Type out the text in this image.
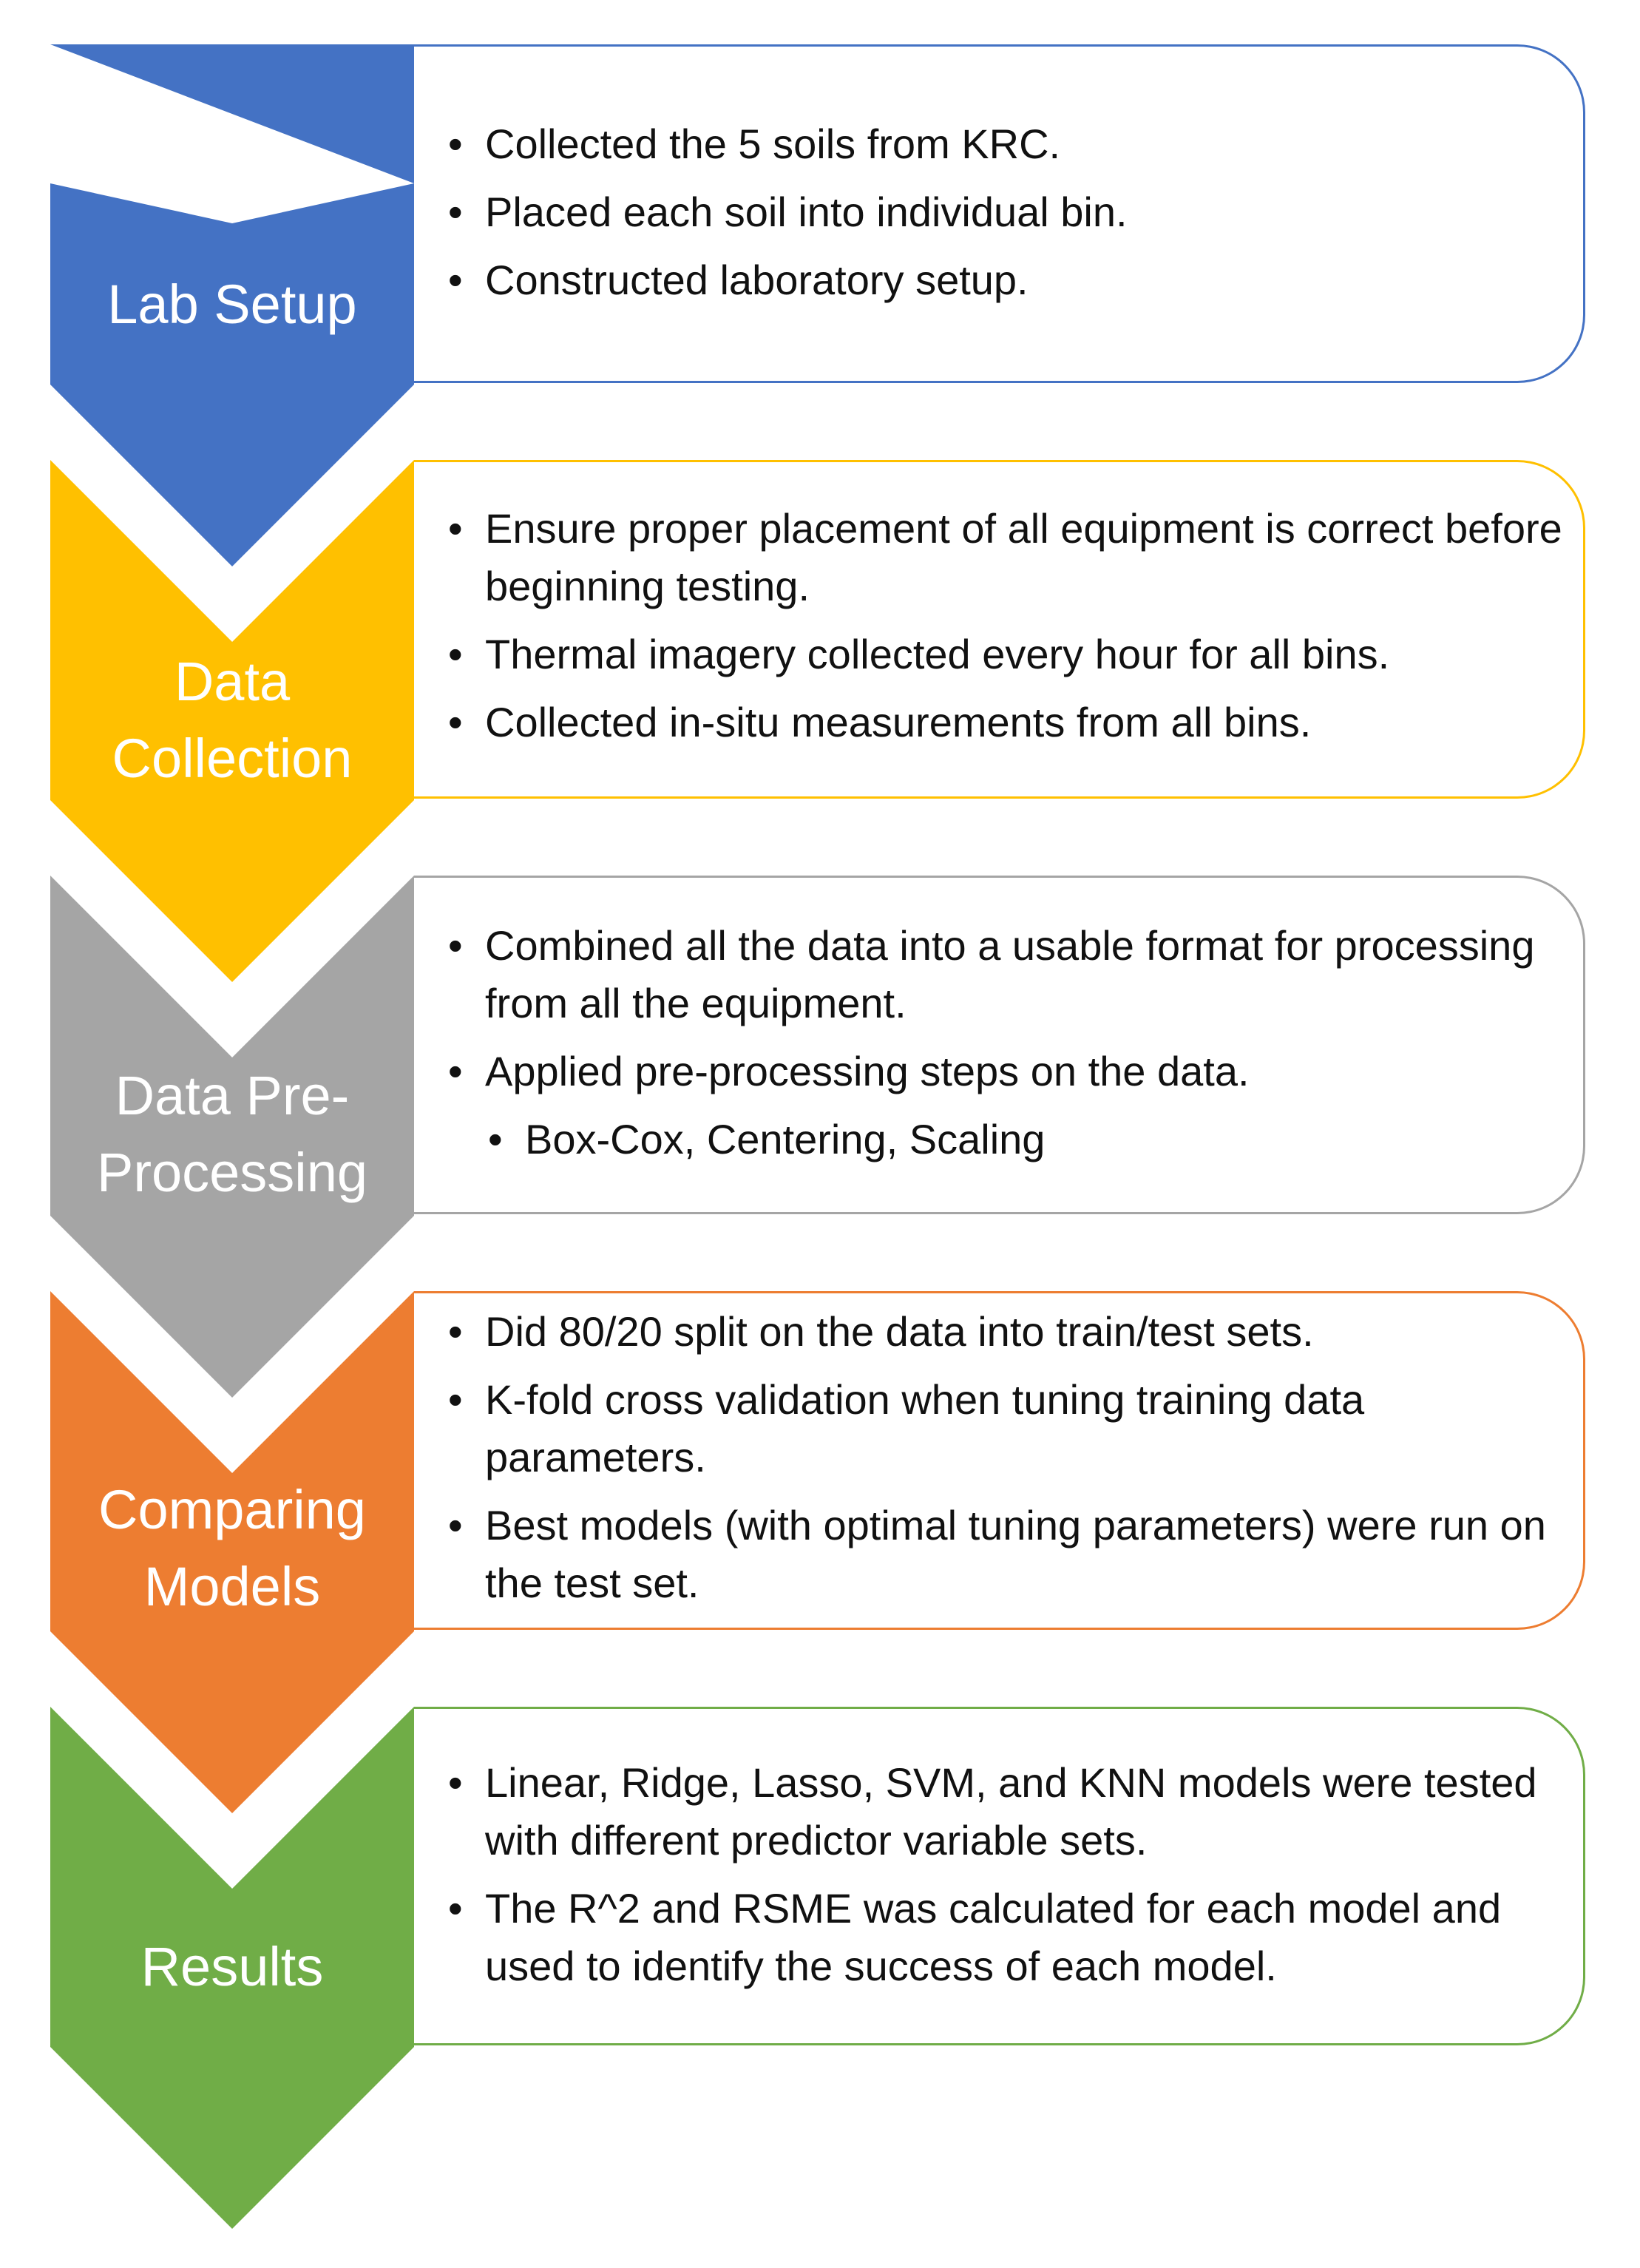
Lab Setup
• Collected the 5 soils from KRC.
• Placed each soil into individual bin.
• Constructed laboratory setup.
Data Collection
• Ensure proper placement of all equipment is correct before beginning testing.
• Thermal imagery collected every hour for all bins.
• Collected in-situ measurements from all bins.
Data Pre-Processing
• Combined all the data into a usable format for processing from all the equipment.
• Applied pre-processing steps on the data.
• Box-Cox, Centering, Scaling
Comparing Models
• Did 80/20 split on the data into train/test sets.
• K-fold cross validation when tuning training data parameters.
• Best models (with optimal tuning parameters) were run on the test set.
Results
• Linear, Ridge, Lasso, SVM, and KNN models were tested with different predictor variable sets.
• The R^2 and RSME was calculated for each model and used to identify the success of each model.
